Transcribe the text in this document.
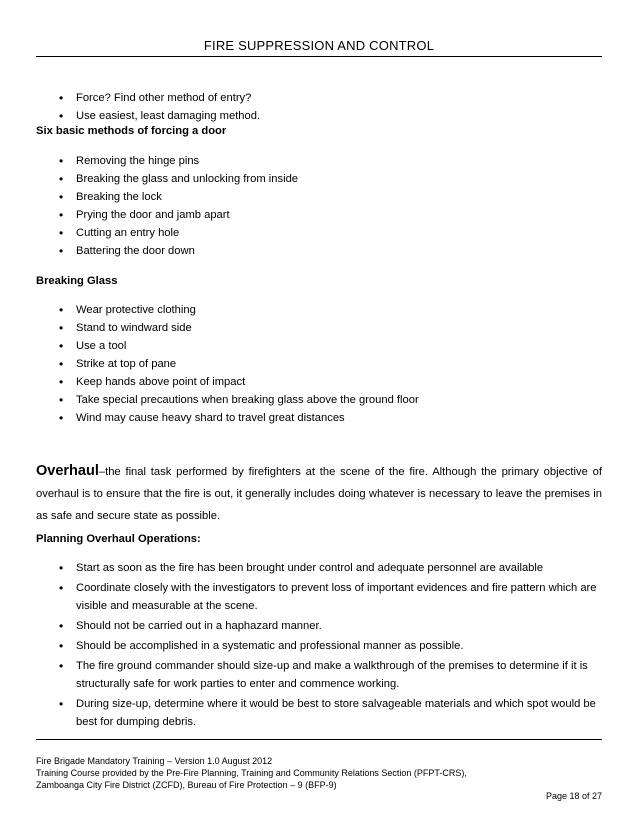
FIRE SUPPRESSION AND CONTROL
• Force? Find other method of entry?
• Use easiest, least damaging method.
Six basic methods of forcing a door
• Removing the hinge pins
• Breaking the glass and unlocking from inside
• Breaking the lock
• Prying the door and jamb apart
• Cutting an entry hole
• Battering the door down
Breaking Glass
• Wear protective clothing
• Stand to windward side
• Use a tool
• Strike at top of pane
• Keep hands above point of impact
• Take special precautions when breaking glass above the ground floor
• Wind may cause heavy shard to travel great distances
Overhaul–the final task performed by firefighters at the scene of the fire. Although the primary objective of overhaul is to ensure that the fire is out, it generally includes doing whatever is necessary to leave the premises in as safe and secure state as possible.
Planning Overhaul Operations:
• Start as soon as the fire has been brought under control and adequate personnel are available
• Coordinate closely with the investigators to prevent loss of important evidences and fire pattern which are visible and measurable at the scene.
• Should not be carried out in a haphazard manner.
• Should be accomplished in a systematic and professional manner as possible.
• The fire ground commander should size-up and make a walkthrough of the premises to determine if it is structurally safe for work parties to enter and commence working.
• During size-up, determine where it would be best to store salvageable materials and which spot would be best for dumping debris.
Fire Brigade Mandatory Training – Version 1.0 August 2012
Training Course provided by the Pre-Fire Planning, Training and Community Relations Section (PFPT-CRS),
Zamboanga City Fire District (ZCFD), Bureau of Fire Protection – 9 (BFP-9)
Page 18 of 27
